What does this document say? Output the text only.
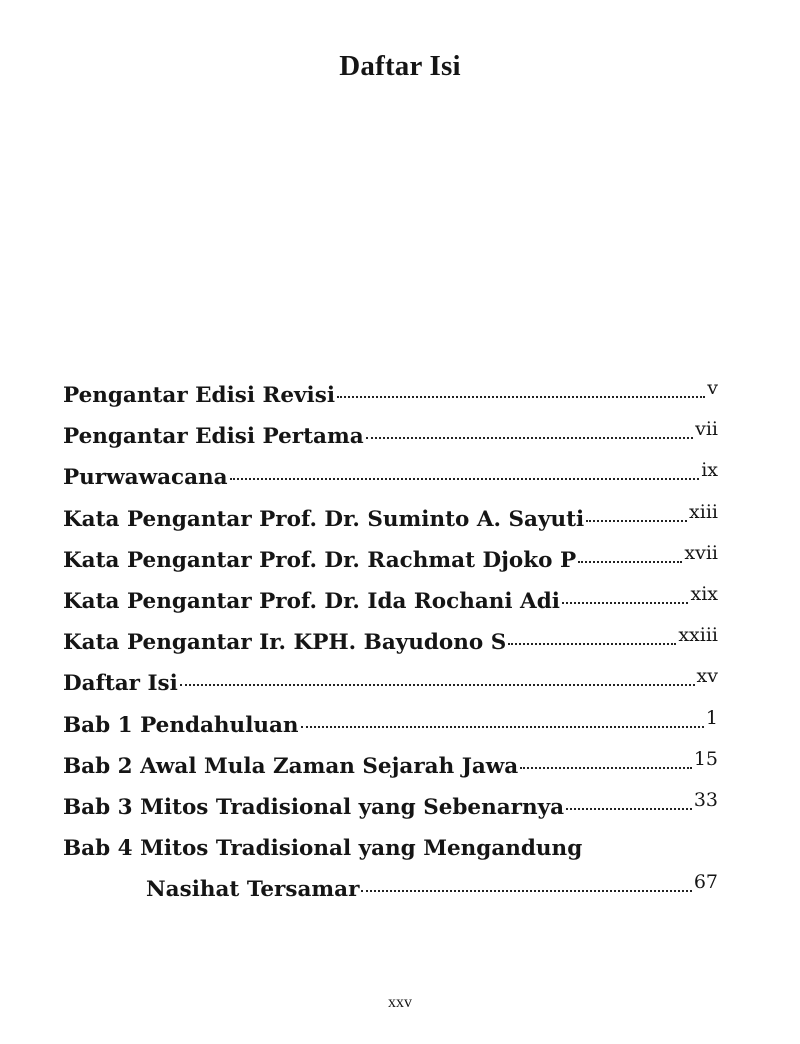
Daftar Isi
Pengantar Edisi Revisi	v
Pengantar Edisi Pertama	vii
Purwawacana	ix
Kata Pengantar Prof. Dr. Suminto A. Sayuti	xiii
Kata Pengantar Prof. Dr. Rachmat Djoko P	xvii
Kata Pengantar Prof. Dr. Ida Rochani Adi	xix
Kata Pengantar Ir. KPH. Bayudono S	xxiii
Daftar Isi	xv
Bab 1 Pendahuluan	1
Bab 2 Awal Mula Zaman Sejarah Jawa	15
Bab 3 Mitos Tradisional yang Sebenarnya	33
Bab 4 Mitos Tradisional yang Mengandung
Nasihat Tersamar	67
xxv
